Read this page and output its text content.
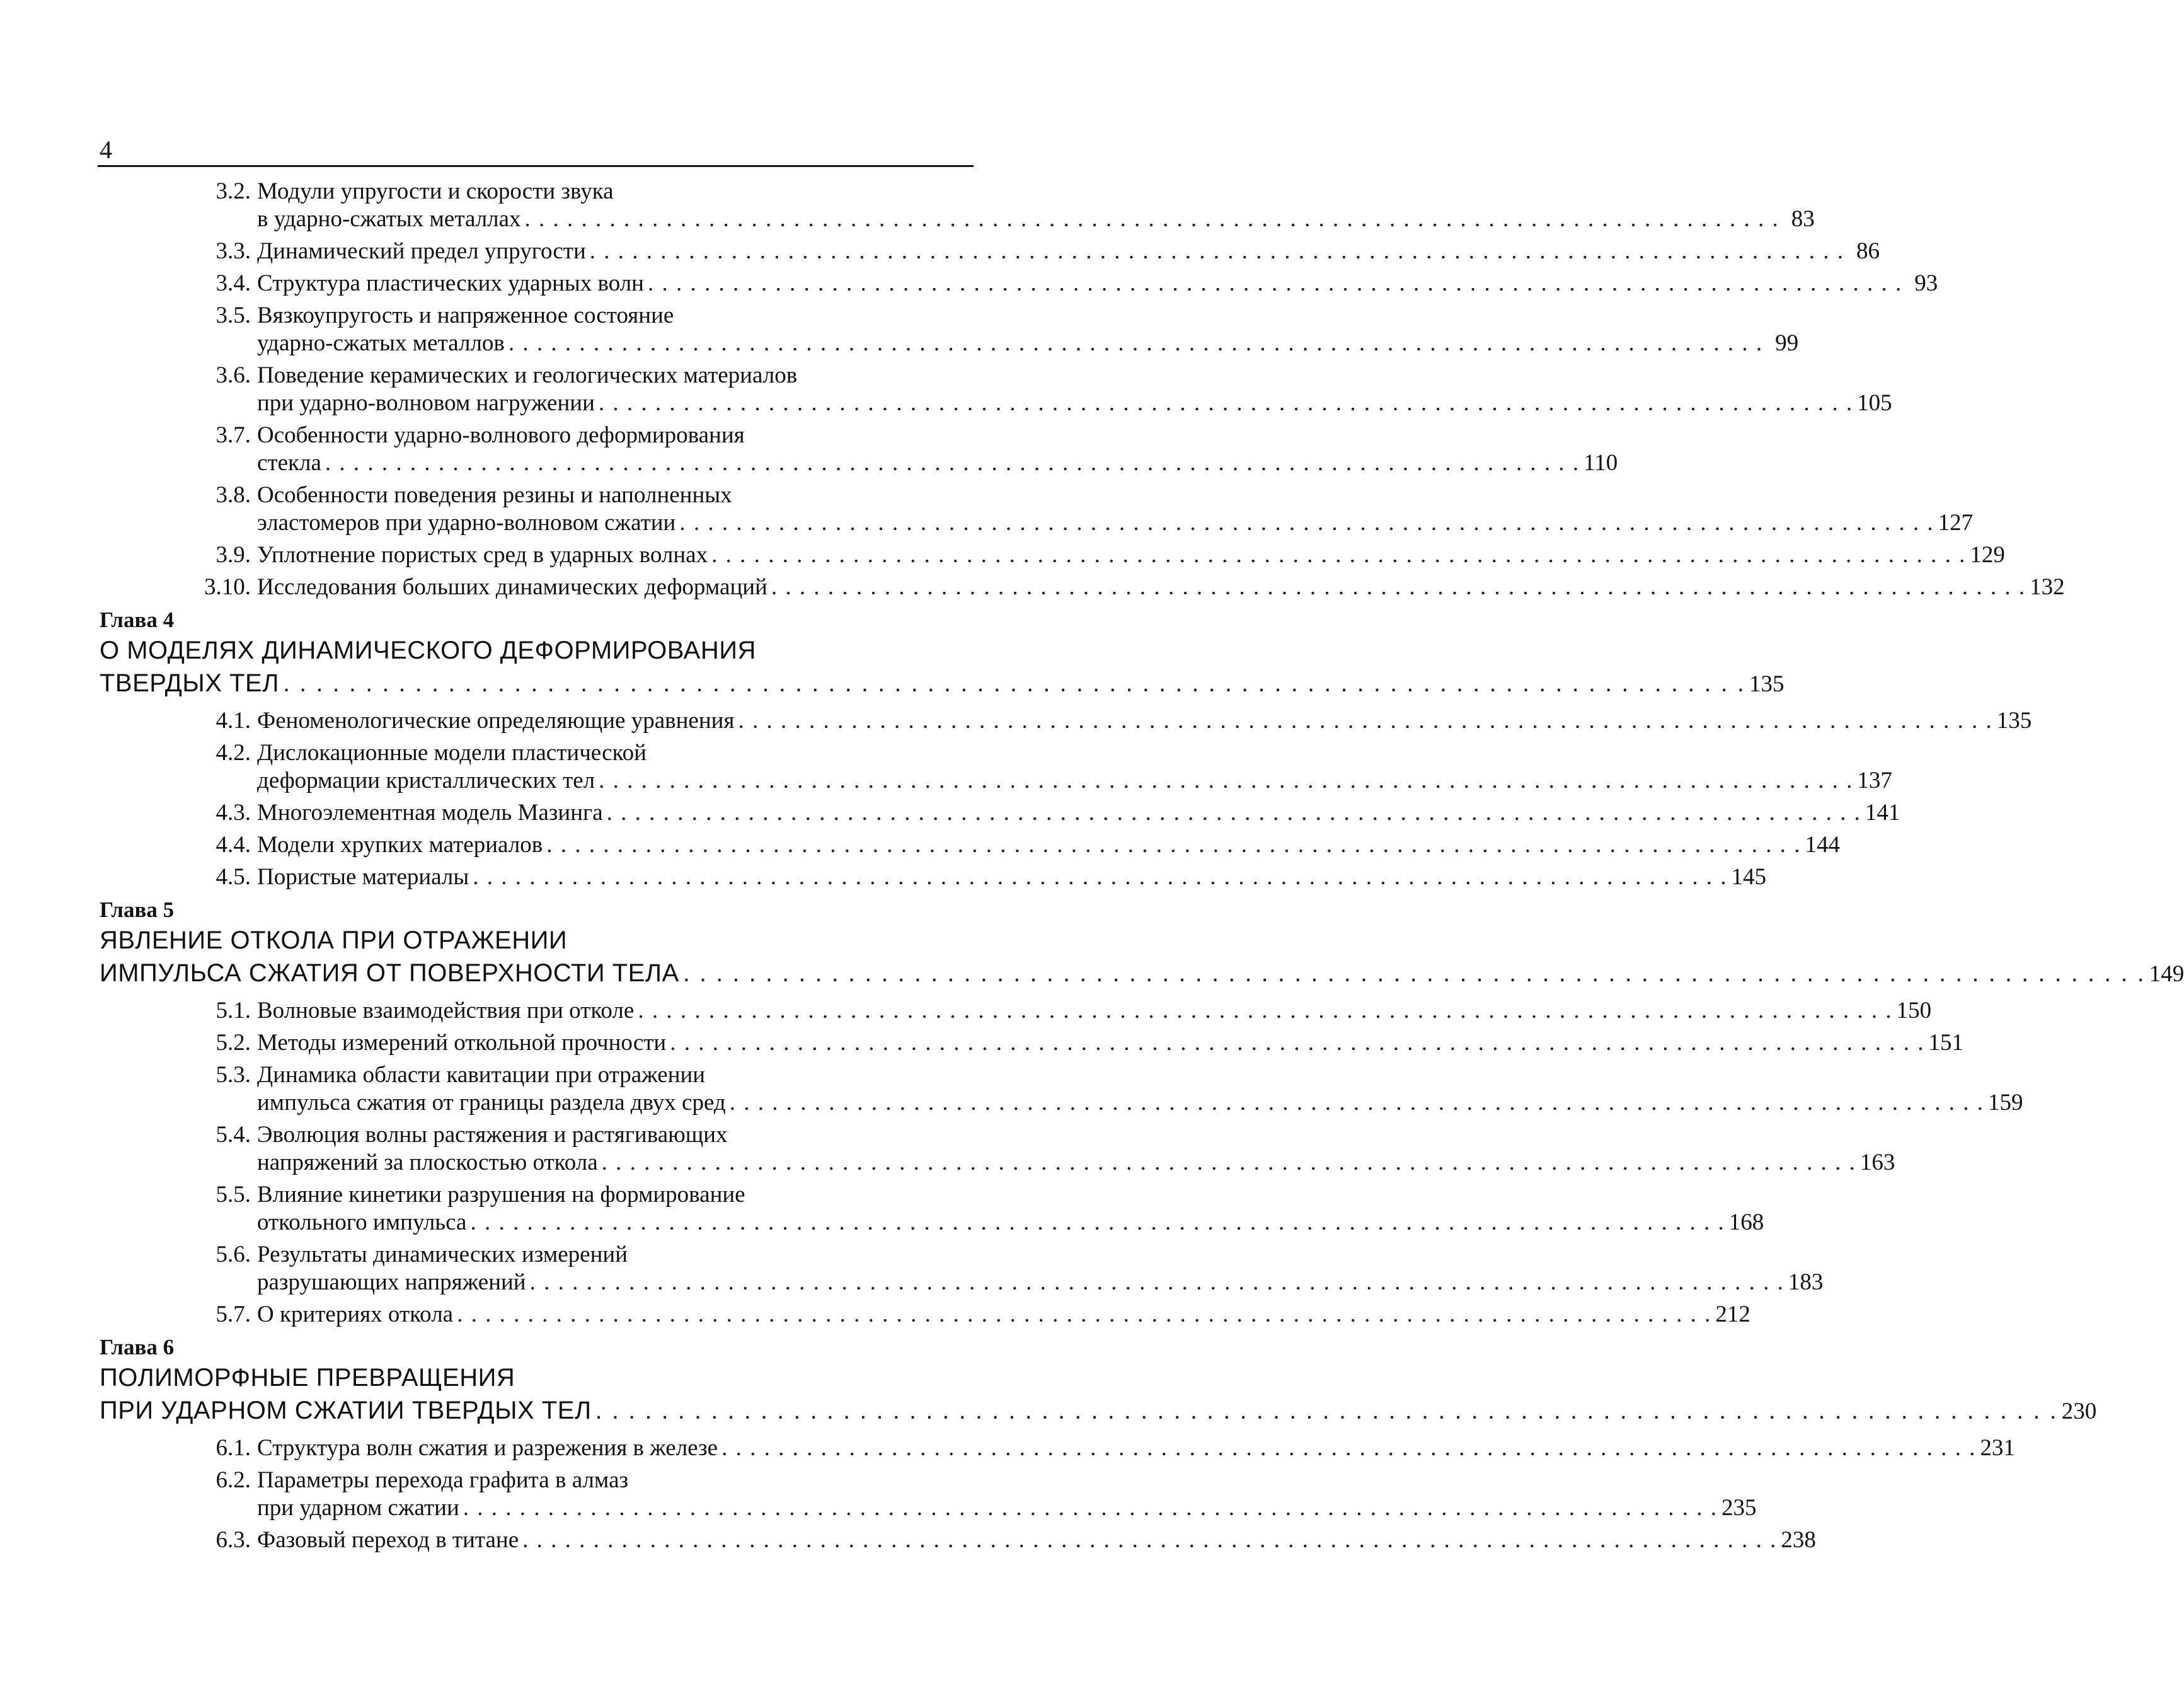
4
3.2. Модули упругости и скорости звука
в ударно-сжатых металлах . . .	83
3.3. Динамический предел упругости . . .	86
3.4. Структура пластических ударных волн . . .	93
3.5. Вязкоупругость и напряженное состояние
ударно-сжатых металлов . . .	99
3.6. Поведение керамических и геологических материалов
при ударно-волновом нагружении . . .	105
3.7. Особенности ударно-волнового деформирования
стекла . . .	110
3.8. Особенности поведения резины и наполненных
эластомеров при ударно-волновом сжатии . . .	127
3.9. Уплотнение пористых сред в ударных волнах . . .	129
3.10. Исследования больших динамических деформаций . . .	132
Глава 4
О МОДЕЛЯХ ДИНАМИЧЕСКОГО ДЕФОРМИРОВАНИЯ
ТВЕРДЫХ ТЕЛ . . .	135
4.1. Феноменологические определяющие уравнения . . .	135
4.2. Дислокационные модели пластической
деформации кристаллических тел . . .	137
4.3. Многоэлементная модель Мазинга . . .	141
4.4. Модели хрупких материалов . . .	144
4.5. Пористые материалы . . .	145
Глава 5
ЯВЛЕНИЕ ОТКОЛА ПРИ ОТРАЖЕНИИ
ИМПУЛЬСА СЖАТИЯ ОТ ПОВЕРХНОСТИ ТЕЛА . . .	149
5.1. Волновые взаимодействия при отколе . . .	150
5.2. Методы измерений откольной прочности . . .	151
5.3. Динамика области кавитации при отражении
импульса сжатия от границы раздела двух сред . . .	159
5.4. Эволюция волны растяжения и растягивающих
напряжений за плоскостью откола . . .	163
5.5. Влияние кинетики разрушения на формирование
откольного импульса . . .	168
5.6. Результаты динамических измерений
разрушающих напряжений . . .	183
5.7. О критериях откола . . .	212
Глава 6
ПОЛИМОРФНЫЕ ПРЕВРАЩЕНИЯ
ПРИ УДАРНОМ СЖАТИИ ТВЕРДЫХ ТЕЛ . . .	230
6.1. Структура волн сжатия и разрежения в железе . . .	231
6.2. Параметры перехода графита в алмаз
при ударном сжатии . . .	235
6.3. Фазовый переход в титане . . .	238
